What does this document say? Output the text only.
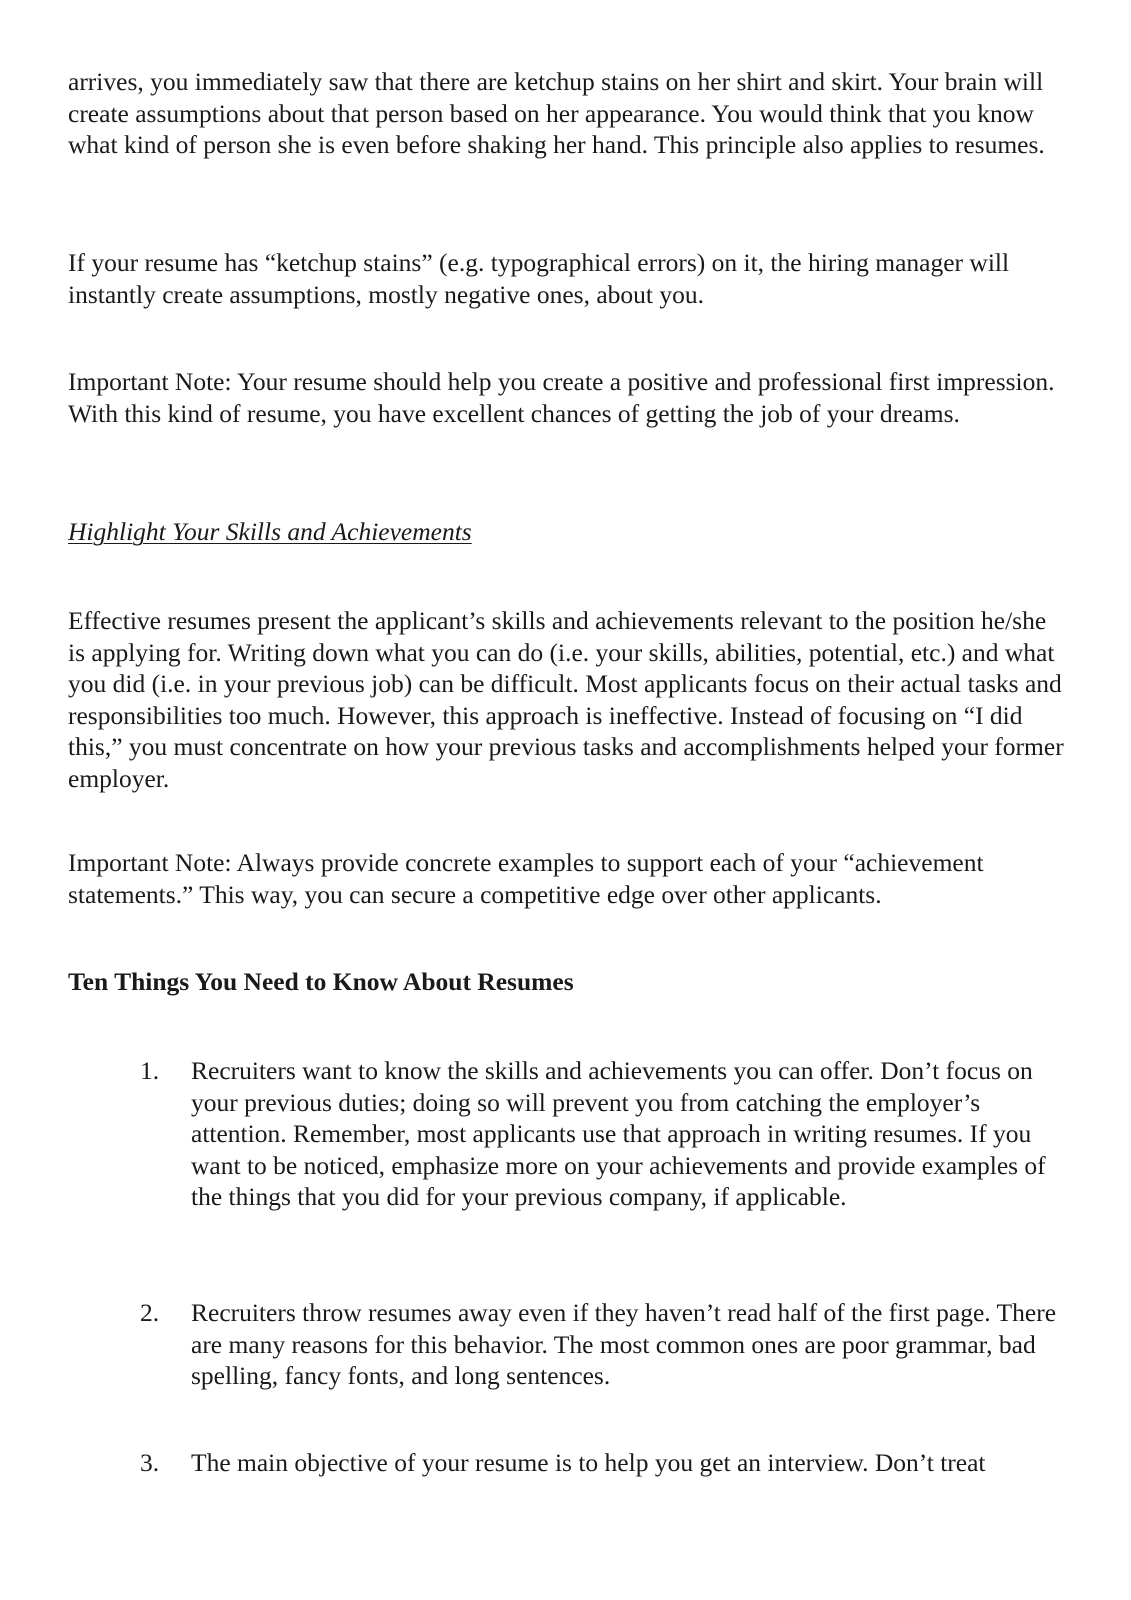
arrives, you immediately saw that there are ketchup stains on her shirt and skirt. Your brain will create assumptions about that person based on her appearance. You would think that you know what kind of person she is even before shaking her hand. This principle also applies to resumes.

If your resume has “ketchup stains” (e.g. typographical errors) on it, the hiring manager will instantly create assumptions, mostly negative ones, about you.

Important Note: Your resume should help you create a positive and professional first impression. With this kind of resume, you have excellent chances of getting the job of your dreams.

Highlight Your Skills and Achievements

Effective resumes present the applicant’s skills and achievements relevant to the position he/she is applying for. Writing down what you can do (i.e. your skills, abilities, potential, etc.) and what you did (i.e. in your previous job) can be difficult. Most applicants focus on their actual tasks and responsibilities too much. However, this approach is ineffective. Instead of focusing on “I did this,” you must concentrate on how your previous tasks and accomplishments helped your former employer.

Important Note: Always provide concrete examples to support each of your “achievement statements.” This way, you can secure a competitive edge over other applicants.

Ten Things You Need to Know About Resumes

1.	Recruiters want to know the skills and achievements you can offer. Don’t focus on your previous duties; doing so will prevent you from catching the employer’s attention. Remember, most applicants use that approach in writing resumes. If you want to be noticed, emphasize more on your achievements and provide examples of the things that you did for your previous company, if applicable.

2.	Recruiters throw resumes away even if they haven’t read half of the first page. There are many reasons for this behavior. The most common ones are poor grammar, bad spelling, fancy fonts, and long sentences.

3.	The main objective of your resume is to help you get an interview. Don’t treat
